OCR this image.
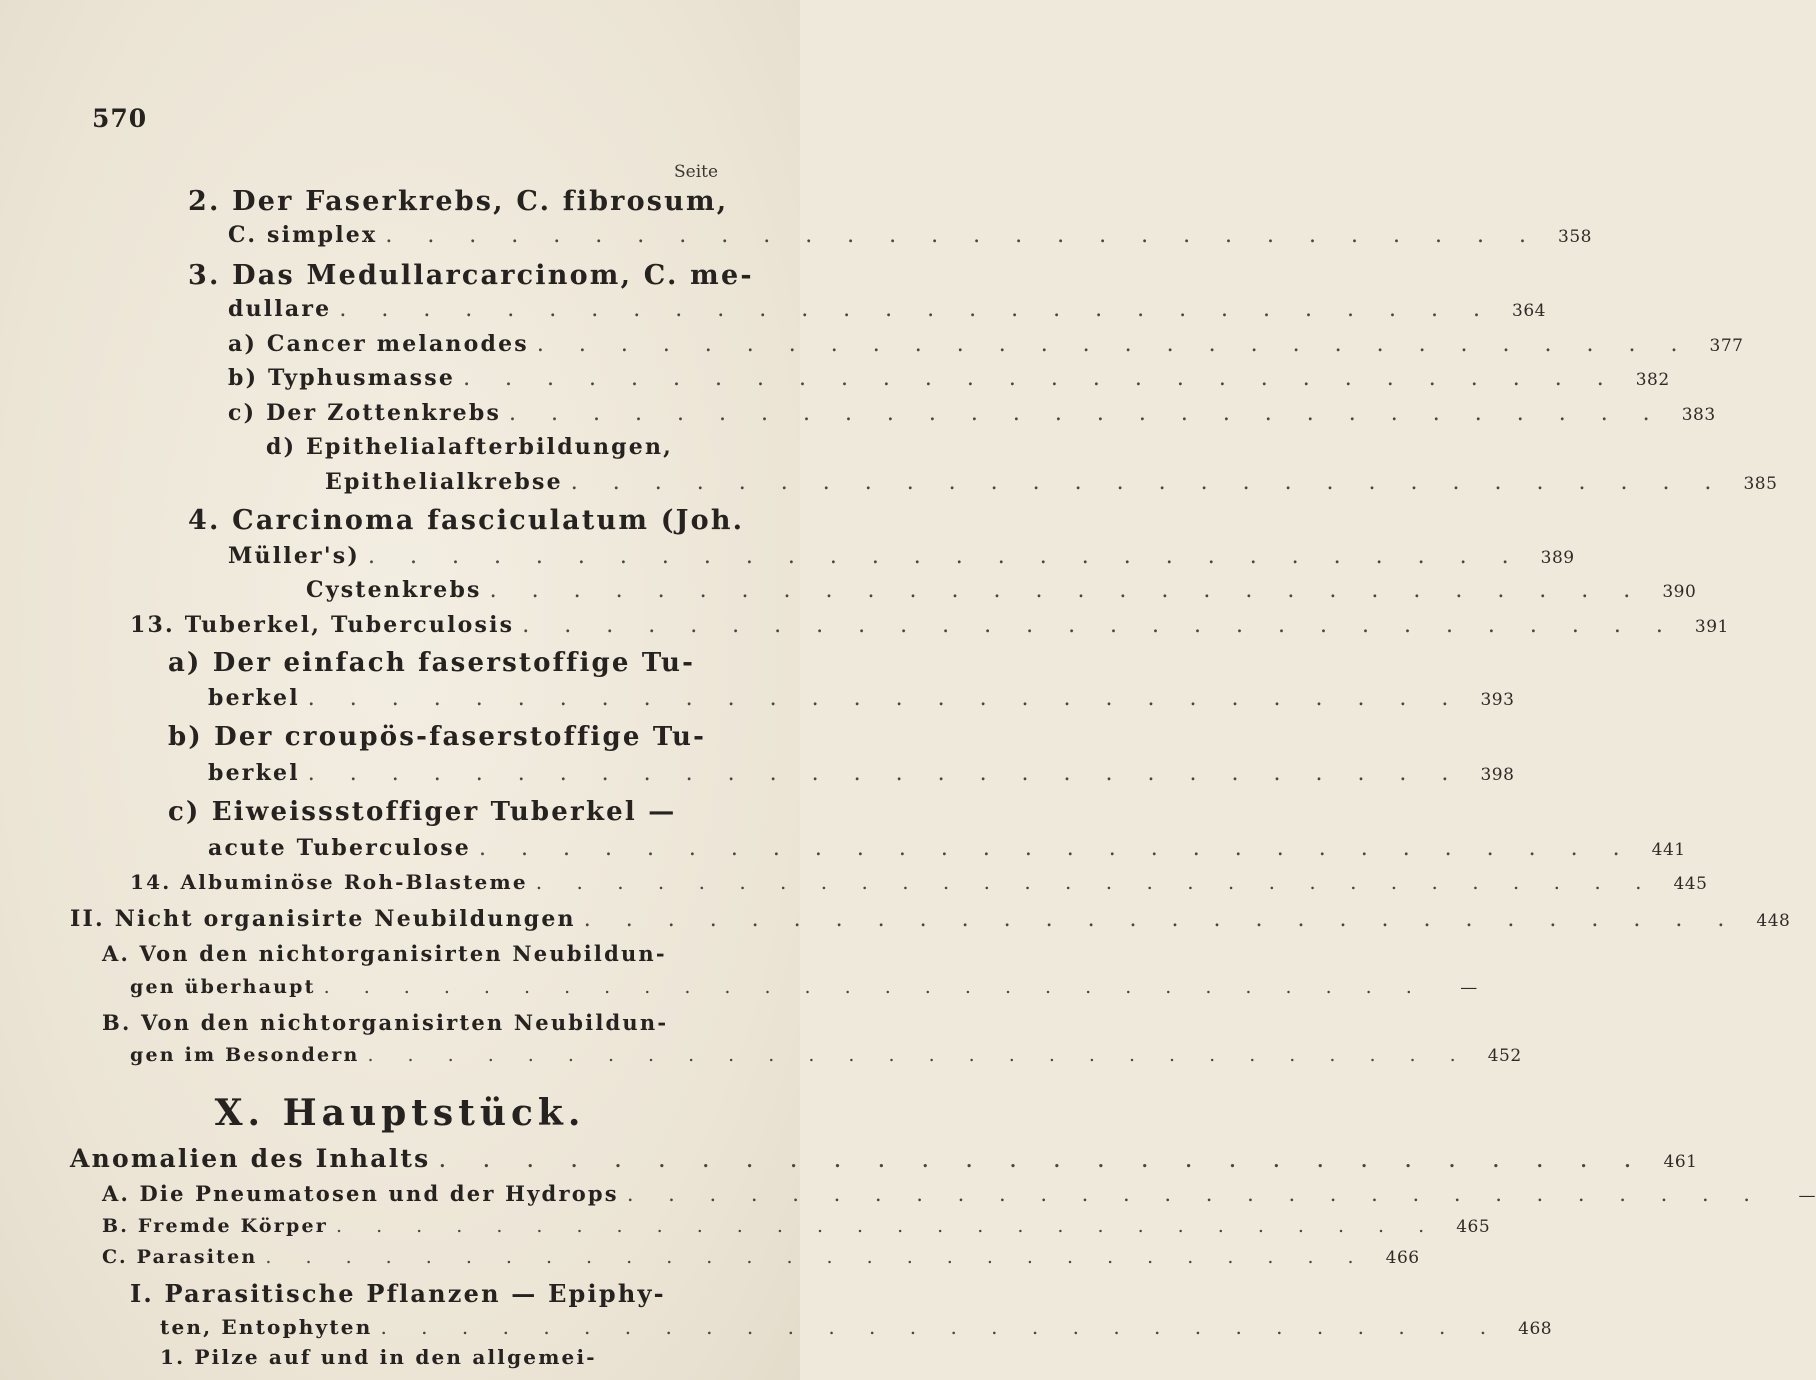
570
Seite
2. Der Faserkrebs, C. fibrosum,
C. simplex . . . . . . . . . . . . . . . . . . . . . . . . . . . .	358
3. Das Medullarcarcinom, C. me-
dullare . . . . . . . . . . . . . . . . . . . . . . . . . . . .	364
a) Cancer melanodes . . . . . . . . . . . . . . . . . . . . . . . . . . . .	377
b) Typhusmasse . . . . . . . . . . . . . . . . . . . . . . . . . . . .	382
c) Der Zottenkrebs . . . . . . . . . . . . . . . . . . . . . . . . . . . .	383
d) Epithelialafterbildungen,
Epithelialkrebse . . . . . . . . . . . . . . . . . . . . . . . . . . . .	385
4. Carcinoma fasciculatum (Joh.
Müller's) . . . . . . . . . . . . . . . . . . . . . . . . . . . .	389
Cystenkrebs . . . . . . . . . . . . . . . . . . . . . . . . . . . .	390
13. Tuberkel, Tuberculosis . . . . . . . . . . . . . . . . . . . . . . . . . . . .	391
a) Der einfach faserstoffige Tu-
berkel . . . . . . . . . . . . . . . . . . . . . . . . . . . .	393
b) Der croupös-faserstoffige Tu-
berkel . . . . . . . . . . . . . . . . . . . . . . . . . . . .	398
c) Eiweissstoffiger Tuberkel —
acute Tuberculose . . . . . . . . . . . . . . . . . . . . . . . . . . . .	441
14. Albuminöse Roh-Blasteme . . . . . . . . . . . . . . . . . . . . . . . . . . . .	445
II. Nicht organisirte Neubildungen . . . . . . . . . . . . . . . . . . . . . . . . . . . .	448
A. Von den nichtorganisirten Neubildun-
gen überhaupt . . . . . . . . . . . . . . . . . . . . . . . . . . . .	—
B. Von den nichtorganisirten Neubildun-
gen im Besondern . . . . . . . . . . . . . . . . . . . . . . . . . . . .	452
X. Hauptstück.
Anomalien des Inhalts . . . . . . . . . . . . . . . . . . . . . . . . . . . .	461
A. Die Pneumatosen und der Hydrops . . . . . . . . . . . . . . . . . . . . . . . . . . . .	—
B. Fremde Körper . . . . . . . . . . . . . . . . . . . . . . . . . . . .	465
C. Parasiten . . . . . . . . . . . . . . . . . . . . . . . . . . . .	466
I. Parasitische Pflanzen — Epiphy-
ten, Entophyten . . . . . . . . . . . . . . . . . . . . . . . . . . . .	468
1. Pilze auf und in den allgemei-
